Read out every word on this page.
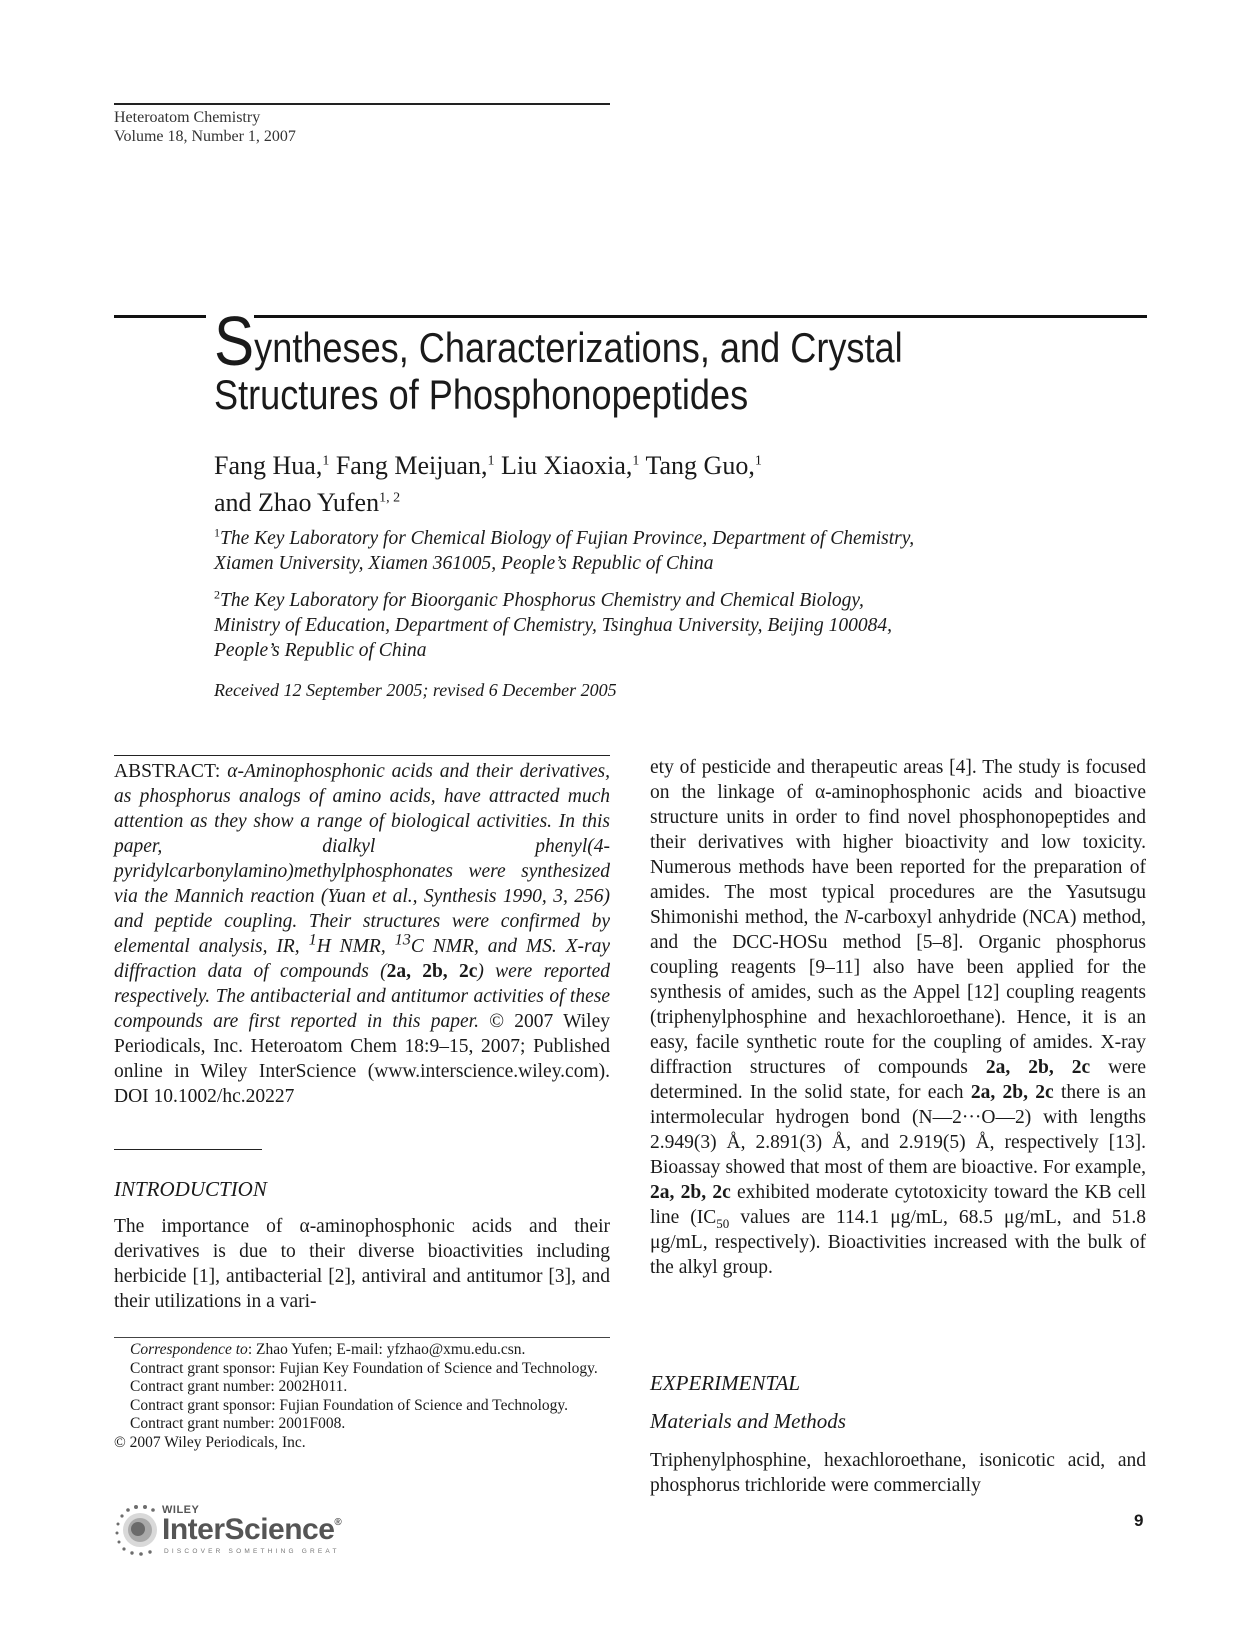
Heteroatom Chemistry
Volume 18, Number 1, 2007
Syntheses, Characterizations, and Crystal
Structures of Phosphonopeptides
Fang Hua,$^1$ Fang Meijuan,$^1$ Liu Xiaoxia,$^1$ Tang Guo,$^1$
and Zhao Yufen$^{1, 2}$
$^1$The Key Laboratory for Chemical Biology of Fujian Province, Department of Chemistry,
Xiamen University, Xiamen 361005, People’s Republic of China
$^2$The Key Laboratory for Bioorganic Phosphorus Chemistry and Chemical Biology,
Ministry of Education, Department of Chemistry, Tsinghua University, Beijing 100084,
People’s Republic of China
Received 12 September 2005; revised 6 December 2005
ABSTRACT: α-Aminophosphonic acids and their derivatives, as phosphorus analogs of amino acids, have attracted much attention as they show a range of biological activities. In this paper, dialkyl phenyl(4-pyridylcarbonylamino)methylphosphonates were synthesized via the Mannich reaction (Yuan et al., Synthesis 1990, 3, 256) and peptide coupling. Their structures were confirmed by elemental analysis, IR, $^1$H NMR, $^{13}$C NMR, and MS. X-ray diffraction data of compounds (2a, 2b, 2c) were reported respectively. The antibacterial and antitumor activities of these compounds are first reported in this paper. © 2007 Wiley Periodicals, Inc. Heteroatom Chem 18:9–15, 2007; Published online in Wiley InterScience (www.interscience.wiley.com). DOI 10.1002/hc.20227
INTRODUCTION
The importance of α-aminophosphonic acids and their derivatives is due to their diverse bioactivities including herbicide [1], antibacterial [2], antiviral and antitumor [3], and their utilizations in a vari-
Correspondence to: Zhao Yufen; E-mail: yfzhao@xmu.edu.csn.
Contract grant sponsor: Fujian Key Foundation of Science and Technology.
Contract grant number: 2002H011.
Contract grant sponsor: Fujian Foundation of Science and Technology.
Contract grant number: 2001F008.
© 2007 Wiley Periodicals, Inc.
WILEY
InterScience®
DISCOVER SOMETHING GREAT
ety of pesticide and therapeutic areas [4]. The study is focused on the linkage of α-aminophosphonic acids and bioactive structure units in order to find novel phosphonopeptides and their derivatives with higher bioactivity and low toxicity. Numerous methods have been reported for the preparation of amides. The most typical procedures are the Yasutsugu Shimonishi method, the N-carboxyl anhydride (NCA) method, and the DCC-HOSu method [5–8]. Organic phosphorus coupling reagents [9–11] also have been applied for the synthesis of amides, such as the Appel [12] coupling reagents (triphenylphosphine and hexachloroethane). Hence, it is an easy, facile synthetic route for the coupling of amides. X-ray diffraction structures of compounds 2a, 2b, 2c were determined. In the solid state, for each 2a, 2b, 2c there is an intermolecular hydrogen bond (N—2···O—2) with lengths 2.949(3) Å, 2.891(3) Å, and 2.919(5) Å, respectively [13]. Bioassay showed that most of them are bioactive. For example, 2a, 2b, 2c exhibited moderate cytotoxicity toward the KB cell line ($IC_{50}$ values are 114.1 μg/mL, 68.5 μg/mL, and 51.8 μg/mL, respectively). Bioactivities increased with the bulk of the alkyl group.
EXPERIMENTAL
Materials and Methods
Triphenylphosphine, hexachloroethane, isonicotic acid, and phosphorus trichloride were commercially
9
